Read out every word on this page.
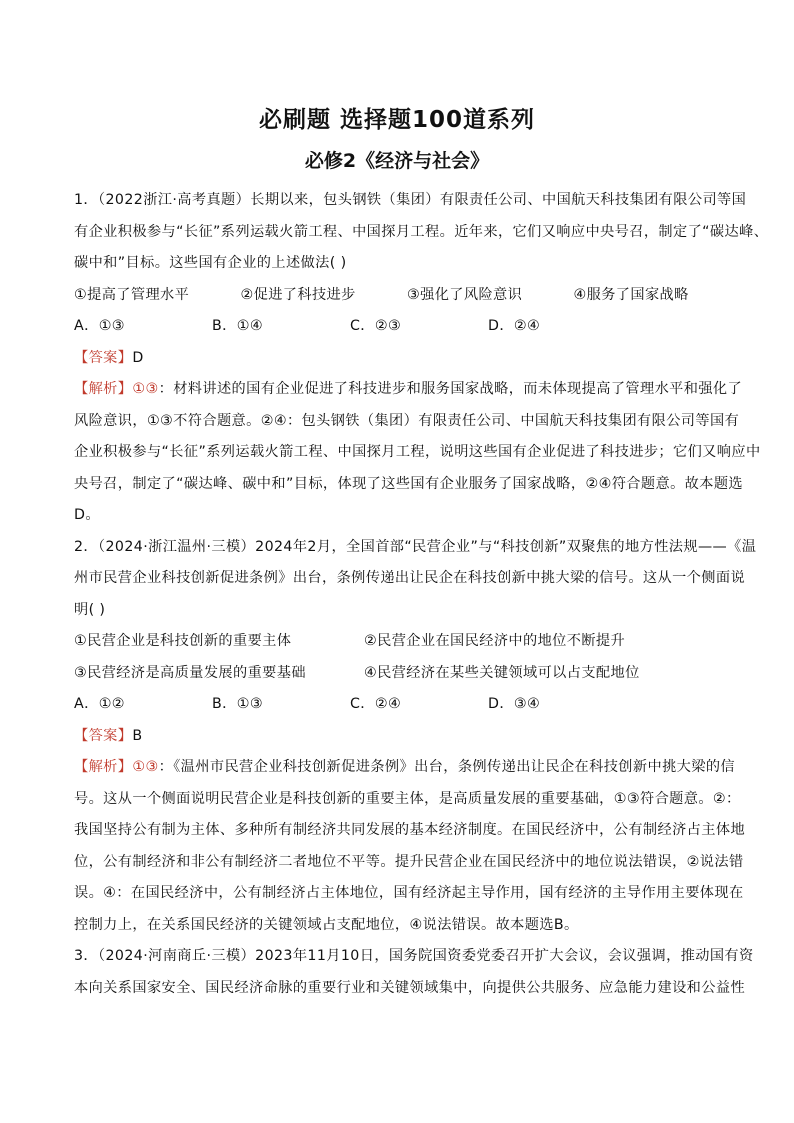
必刷题 选择题100道系列
必修2《经济与社会》
1．（2022浙江·高考真题）长期以来，包头钢铁（集团）有限责任公司、中国航天科技集团有限公司等国
有企业积极参与“长征”系列运载火箭工程、中国探月工程。近年来，它们又响应中央号召，制定了“碳达峰、
碳中和”目标。这些国有企业的上述做法( )
①提高了管理水平	②促进了科技进步	③强化了风险意识	④服务了国家战略
A．①③	B．①④	C．②③	D．②④
【答案】D
【解析】①③：材料讲述的国有企业促进了科技进步和服务国家战略，而未体现提高了管理水平和强化了
风险意识，①③不符合题意。②④：包头钢铁（集团）有限责任公司、中国航天科技集团有限公司等国有
企业积极参与“长征”系列运载火箭工程、中国探月工程，说明这些国有企业促进了科技进步；它们又响应中
央号召，制定了“碳达峰、碳中和”目标，体现了这些国有企业服务了国家战略，②④符合题意。故本题选
D。
2．（2024·浙江温州·三模）2024年2月，全国首部“民营企业”与“科技创新”双聚焦的地方性法规——《温
州市民营企业科技创新促进条例》出台，条例传递出让民企在科技创新中挑大梁的信号。这从一个侧面说
明( )
①民营企业是科技创新的重要主体	②民营企业在国民经济中的地位不断提升
③民营经济是高质量发展的重要基础	④民营经济在某些关键领域可以占支配地位
A．①②	B．①③	C．②④	D．③④
【答案】B
【解析】①③：《温州市民营企业科技创新促进条例》出台，条例传递出让民企在科技创新中挑大梁的信
号。这从一个侧面说明民营企业是科技创新的重要主体，是高质量发展的重要基础，①③符合题意。②：
我国坚持公有制为主体、多种所有制经济共同发展的基本经济制度。在国民经济中，公有制经济占主体地
位，公有制经济和非公有制经济二者地位不平等。提升民营企业在国民经济中的地位说法错误，②说法错
误。④：在国民经济中，公有制经济占主体地位，国有经济起主导作用，国有经济的主导作用主要体现在
控制力上，在关系国民经济的关键领域占支配地位，④说法错误。故本题选B。
3．（2024·河南商丘·三模）2023年11月10日，国务院国资委党委召开扩大会议，会议强调，推动国有资
本向关系国家安全、国民经济命脉的重要行业和关键领域集中，向提供公共服务、应急能力建设和公益性
